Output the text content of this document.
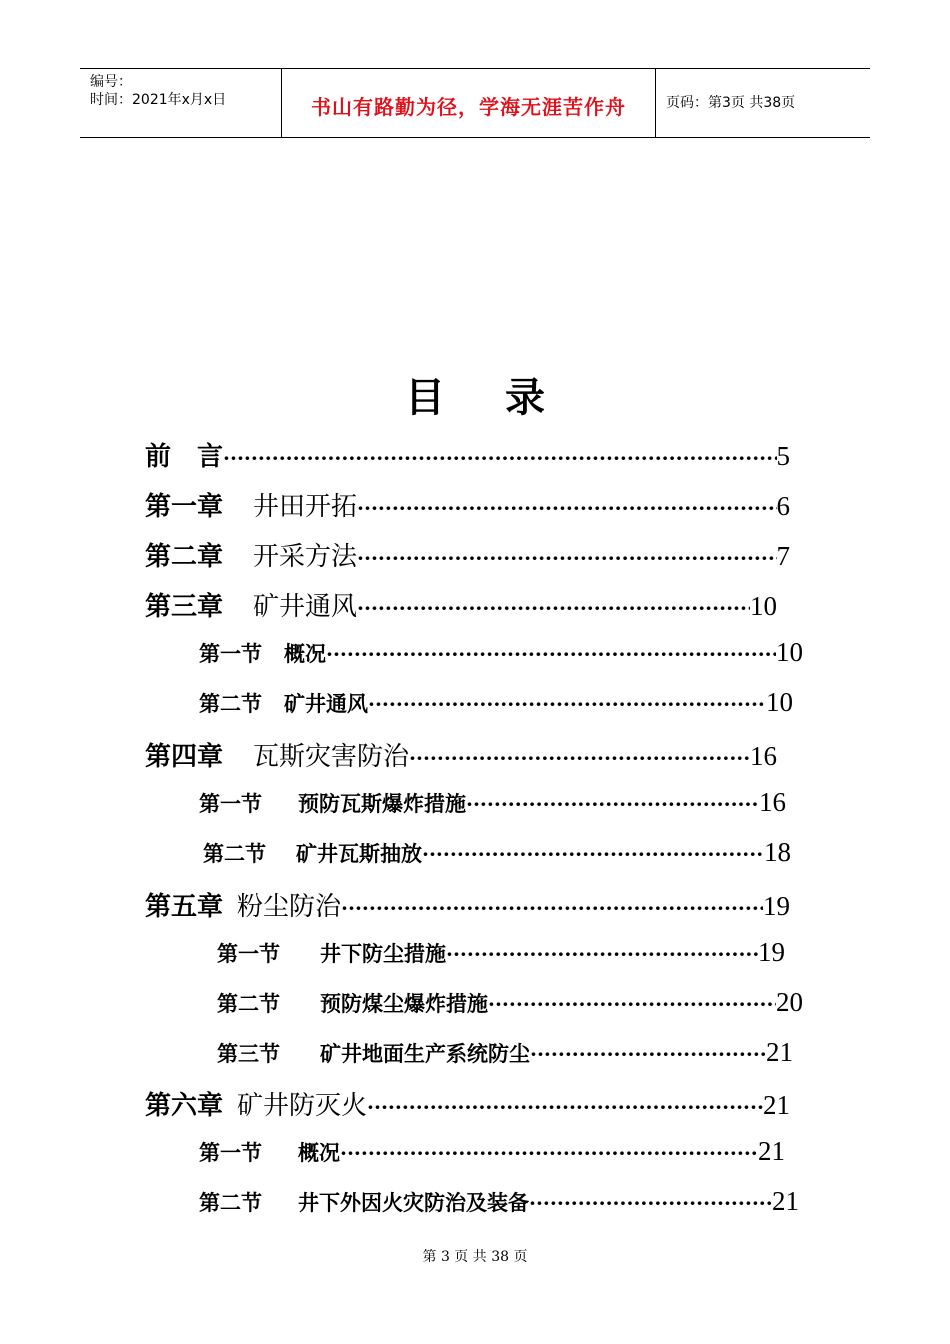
编号：
时间：2021年x月x日	书山有路勤为径，学海无涯苦作舟	页码：第3页 共38页
目录
前　言 ·····	5
第一章 井田开拓 ·····	6
第二章 开采方法 ·····	7
第三章 矿井通风 ·····	10
第一节 概况 ·····	10
第二节 矿井通风 ·····	10
第四章 瓦斯灾害防治 ·····	16
第一节 预防瓦斯爆炸措施 ·····	16
第二节 矿井瓦斯抽放 ·····	18
第五章 粉尘防治 ·····	19
第一节 井下防尘措施 ·····	19
第二节 预防煤尘爆炸措施 ·····	20
第三节 矿井地面生产系统防尘 ·····	21
第六章 矿井防灭火 ·····	21
第一节 概况 ·····	21
第二节 井下外因火灾防治及装备 ·····	21
第 3 页 共 38 页
